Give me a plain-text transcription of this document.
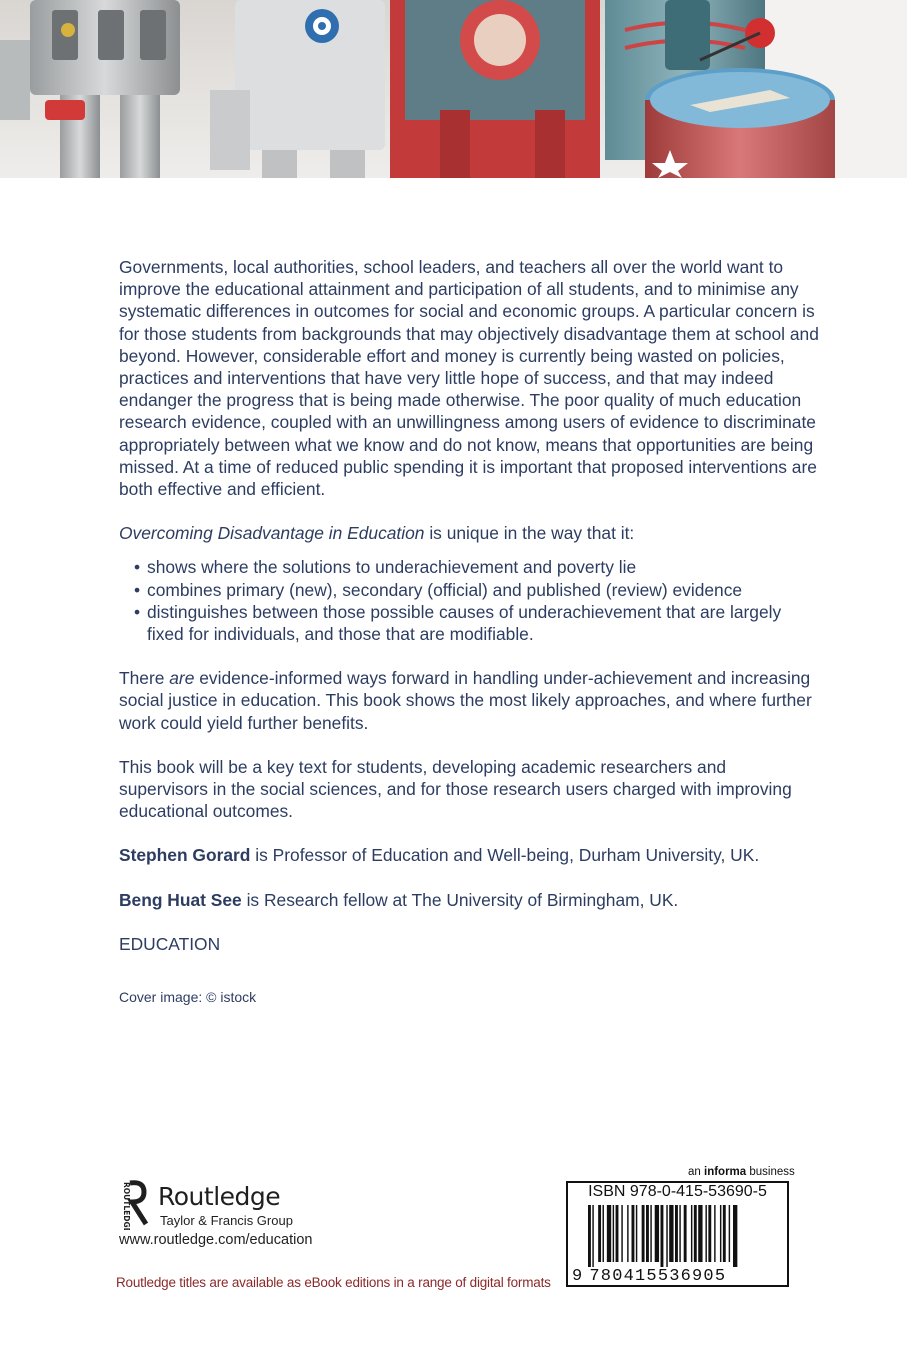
Governments, local authorities, school leaders, and teachers all over the world want to improve the educational attainment and participation of all students, and to minimise any systematic differences in outcomes for social and economic groups. A particular concern is for those students from backgrounds that may objectively disadvantage them at school and beyond. However, considerable effort and money is currently being wasted on policies, practices and interventions that have very little hope of success, and that may indeed endanger the progress that is being made otherwise. The poor quality of much education research evidence, coupled with an unwillingness among users of evidence to discriminate appropriately between what we know and do not know, means that opportunities are being missed. At a time of reduced public spending it is important that proposed interventions are both effective and efficient.

Overcoming Disadvantage in Education is unique in the way that it:

• shows where the solutions to underachievement and poverty lie
• combines primary (new), secondary (official) and published (review) evidence
• distinguishes between those possible causes of underachievement that are largely fixed for individuals, and those that are modifiable.

There are evidence-informed ways forward in handling under-achievement and increasing social justice in education. This book shows the most likely approaches, and where further work could yield further benefits.

This book will be a key text for students, developing academic researchers and supervisors in the social sciences, and for those research users charged with improving educational outcomes.

Stephen Gorard is Professor of Education and Well-being, Durham University, UK.

Beng Huat See is Research fellow at The University of Birmingham, UK.

EDUCATION

Cover image: © istock

ROUTLEDGE Routledge
Taylor & Francis Group
www.routledge.com/education
Routledge titles are available as eBook editions in a range of digital formats
an informa business
ISBN 978-0-415-53690-5
9 780415536905
